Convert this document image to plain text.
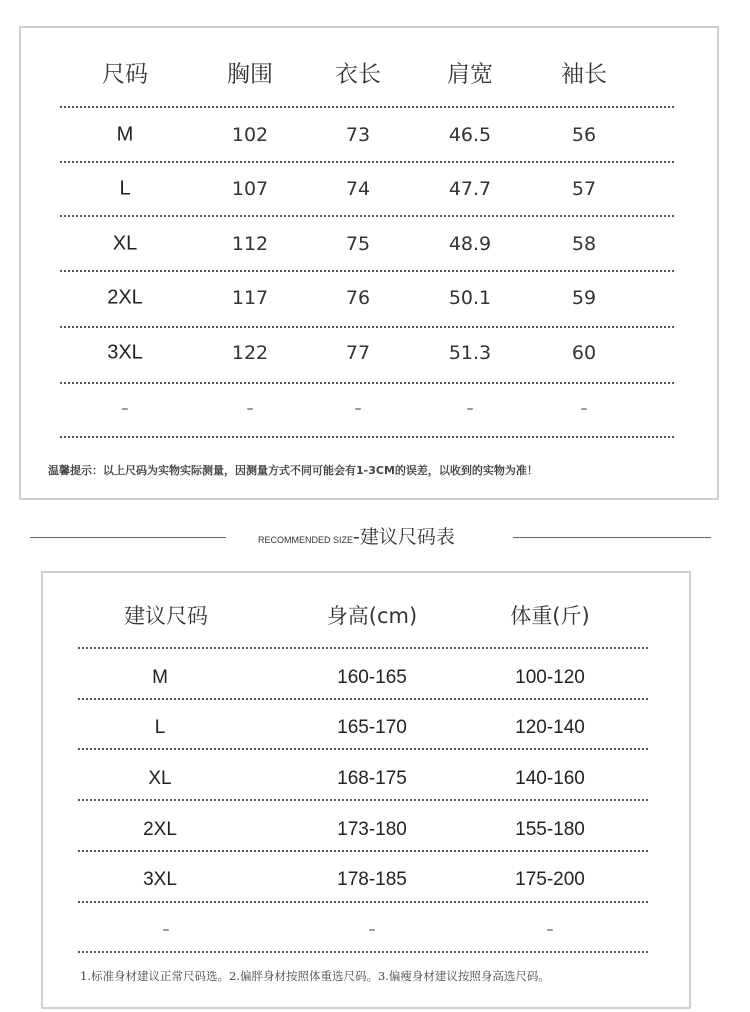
尺码	胸围	衣长	肩宽	袖长
M	102	73	46.5	56
L	107	74	47.7	57
XL	112	75	48.9	58
2XL	117	76	50.1	59
3XL	122	77	51.3	60
–	–	–	–	–
温馨提示：以上尺码为实物实际测量，因测量方式不同可能会有1-3CM的误差，以收到的实物为准！
RECOMMENDED SIZE-建议尺码表
建议尺码	身高(cm)	体重(斤)
M	160-165	100-120
L	165-170	120-140
XL	168-175	140-160
2XL	173-180	155-180
3XL	178-185	175-200
–	–	–
1.标准身材建议正常尺码选。2.偏胖身材按照体重选尺码。3.偏瘦身材建议按照身高选尺码。
